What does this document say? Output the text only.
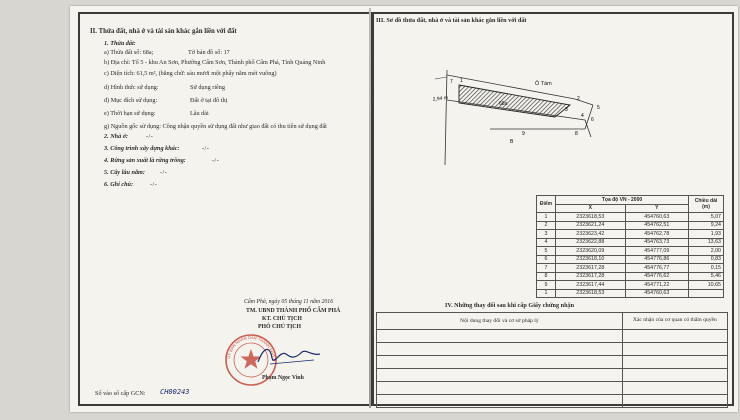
II. Thửa đất, nhà ở và tài sản khác gắn liền với đất
1. Thửa đất:
a) Thửa đất số: 68a;	Tờ bản đồ số: 17
b) Địa chỉ: Tổ 5 - khu An Sơn, Phường Cẩm Sơn, Thành phố Cẩm Phả, Tỉnh Quảng Ninh
c) Diện tích: 61,5 m², (bằng chữ: sáu mươi một phẩy năm mét vuông)
d) Hình thức sử dụng:	Sử dụng riêng
đ) Mục đích sử dụng:	Đất ở tại đô thị
e) Thời hạn sử dụng:	Lâu dài
g) Nguồn gốc sử dụng: Công nhận quyền sử dụng đất như giao đất có thu tiền sử dụng đất
2. Nhà ở:	-/-
3. Công trình xây dựng khác:	-/-
4. Rừng sản xuất là rừng trồng:	-/-
5. Cây lâu năm: -/-
6. Ghi chú:	-/-
Cẩm Phả, ngày 05 tháng 11 năm 2016
TM. UBND THÀNH PHỐ CẨM PHẢ
KT. CHỦ TỊCH
PHÓ CHỦ TỊCH
ỦY BAN NHÂN DÂN THÀNH PHỐ C
Phạm Ngọc Vinh
Số vào sổ cấp GCN: CH00243
III. Sơ đồ thửa đất, nhà ở và tài sản khác gắn liền với đất
68a
Ô Tàm
2,94 m
7 1
2
3
4
5
6
8
9
B
Điểm	Tọa độ VN - 2000		Chiều dài (m)
	X	Y	
1	2323618,53	454760,63	5,07
2	2323621,24	454762,51	9,24
3	2323623,42	454762,78	1,93
4	2323622,88	454763,73	13,63
5	2323620,09	454777,09	2,00
6	2323618,10	454776,86	0,83
7	2323617,28	454776,77	0,15
8	2323617,28	454776,62	5,46
9	2323617,44	454771,22	10,65
1	2323618,53	454760,63	
IV. Những thay đổi sau khi cấp Giấy chứng nhận
Nội dung thay đổi và cơ sở pháp lý	Xác nhận của cơ quan có thẩm quyền
